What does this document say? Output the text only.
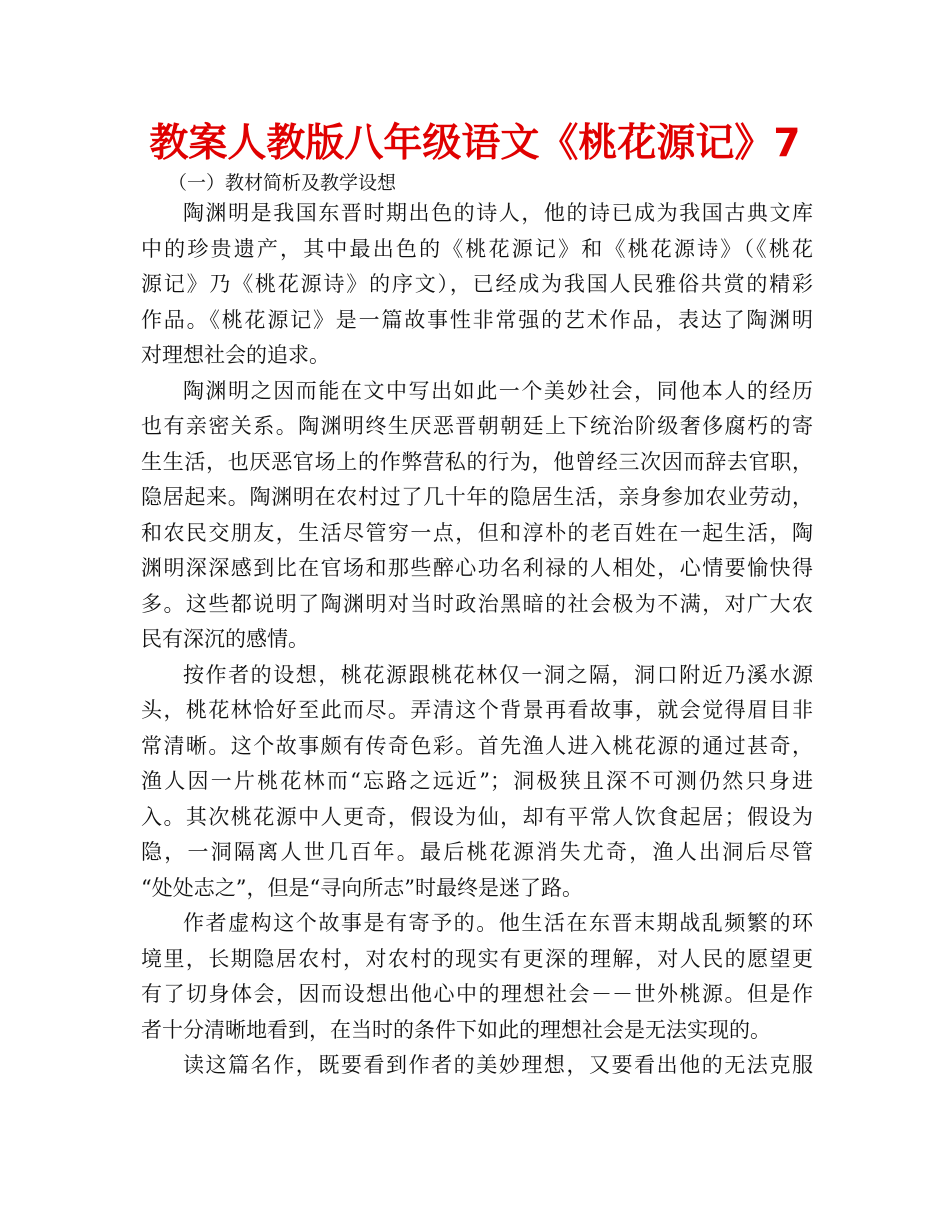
教案人教版八年级语文《桃花源记》7
（一）教材简析及教学设想
陶渊明是我国东晋时期出色的诗人，他的诗已成为我国古典文库
中的珍贵遗产，其中最出色的《桃花源记》和《桃花源诗》（《桃花
源记》乃《桃花源诗》的序文），已经成为我国人民雅俗共赏的精彩
作品。《桃花源记》是一篇故事性非常强的艺术作品，表达了陶渊明
对理想社会的追求。
陶渊明之因而能在文中写出如此一个美妙社会，同他本人的经历
也有亲密关系。陶渊明终生厌恶晋朝朝廷上下统治阶级奢侈腐朽的寄
生生活，也厌恶官场上的作弊营私的行为，他曾经三次因而辞去官职，
隐居起来。陶渊明在农村过了几十年的隐居生活，亲身参加农业劳动，
和农民交朋友，生活尽管穷一点，但和淳朴的老百姓在一起生活，陶
渊明深深感到比在官场和那些醉心功名利禄的人相处，心情要愉快得
多。这些都说明了陶渊明对当时政治黑暗的社会极为不满，对广大农
民有深沉的感情。
按作者的设想，桃花源跟桃花林仅一洞之隔，洞口附近乃溪水源
头，桃花林恰好至此而尽。弄清这个背景再看故事，就会觉得眉目非
常清晰。这个故事颇有传奇色彩。首先渔人进入桃花源的通过甚奇，
渔人因一片桃花林而“忘路之远近”；洞极狭且深不可测仍然只身进
入。其次桃花源中人更奇，假设为仙，却有平常人饮食起居；假设为
隐，一洞隔离人世几百年。最后桃花源消失尤奇，渔人出洞后尽管
“处处志之”，但是“寻向所志”时最终是迷了路。
作者虚构这个故事是有寄予的。他生活在东晋末期战乱频繁的环
境里，长期隐居农村，对农村的现实有更深的理解，对人民的愿望更
有了切身体会，因而设想出他心中的理想社会－－世外桃源。但是作
者十分清晰地看到，在当时的条件下如此的理想社会是无法实现的。
读这篇名作，既要看到作者的美妙理想，又要看出他的无法克服
